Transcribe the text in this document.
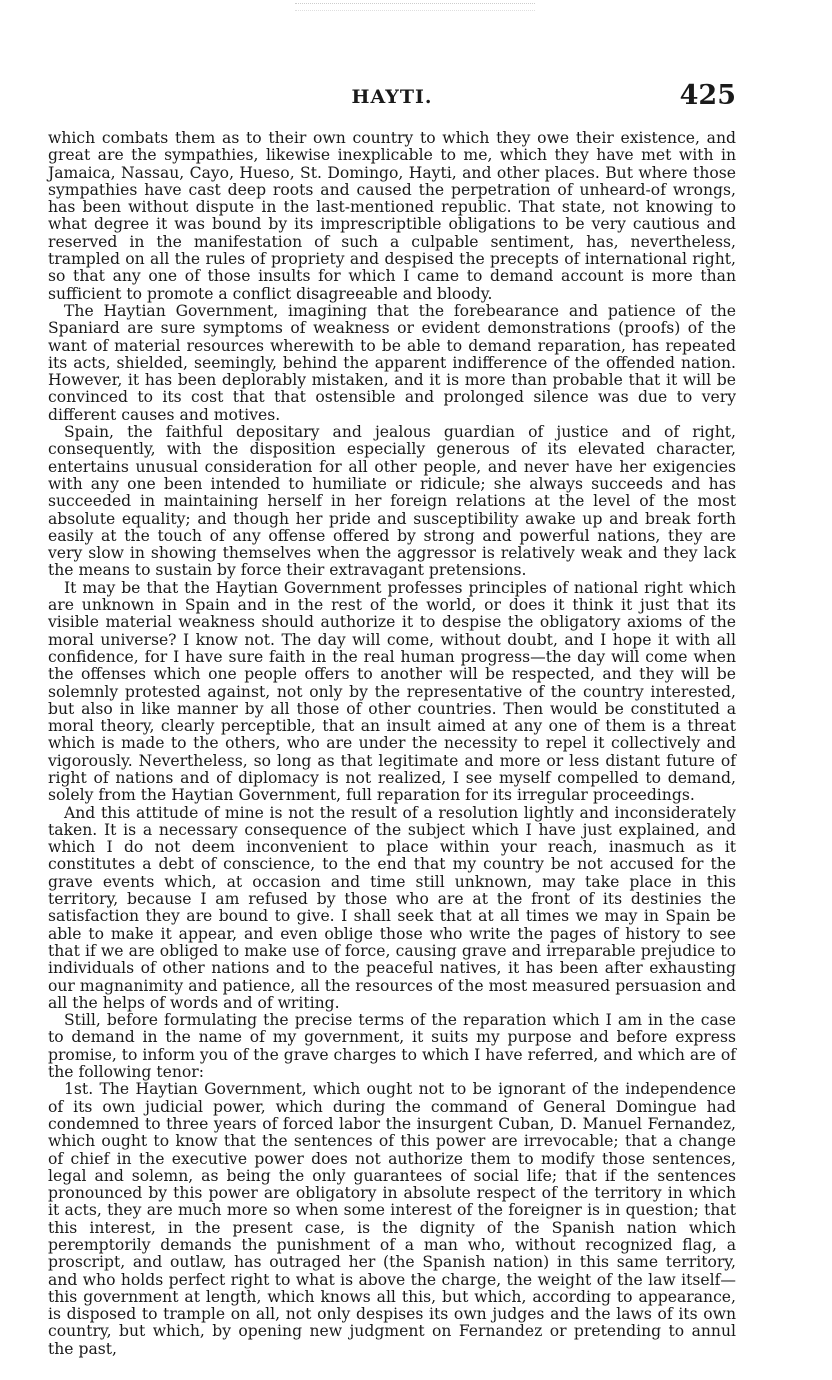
HAYTI.	425

which combats them as to their own country to which they owe their existence, and great are the sympathies, likewise inexplicable to me, which they have met with in Jamaica, Nassau, Cayo, Hueso, St. Domingo, Hayti, and other places. But where those sympathies have cast deep roots and caused the perpetration of unheard-of wrongs, has been without dispute in the last-mentioned republic. That state, not knowing to what degree it was bound by its imprescriptible obligations to be very cautious and reserved in the manifestation of such a culpable sentiment, has, nevertheless, trampled on all the rules of propriety and despised the precepts of international right, so that any one of those insults for which I came to demand account is more than sufficient to promote a conflict disagreeable and bloody.

The Haytian Government, imagining that the forebearance and patience of the Spaniard are sure symptoms of weakness or evident demonstrations (proofs) of the want of material resources wherewith to be able to demand reparation, has repeated its acts, shielded, seemingly, behind the apparent indifference of the offended nation. However, it has been deplorably mistaken, and it is more than probable that it will be convinced to its cost that that ostensible and prolonged silence was due to very different causes and motives.

Spain, the faithful depositary and jealous guardian of justice and of right, consequently, with the disposition especially generous of its elevated character, entertains unusual consideration for all other people, and never have her exigencies with any one been intended to humiliate or ridicule; she always succeeds and has succeeded in maintaining herself in her foreign relations at the level of the most absolute equality; and though her pride and susceptibility awake up and break forth easily at the touch of any offense offered by strong and powerful nations, they are very slow in showing themselves when the aggressor is relatively weak and they lack the means to sustain by force their extravagant pretensions.

It may be that the Haytian Government professes principles of national right which are unknown in Spain and in the rest of the world, or does it think it just that its visible material weakness should authorize it to despise the obligatory axioms of the moral universe? I know not. The day will come, without doubt, and I hope it with all confidence, for I have sure faith in the real human progress—the day will come when the offenses which one people offers to another will be respected, and they will be solemnly protested against, not only by the representative of the country interested, but also in like manner by all those of other countries. Then would be constituted a moral theory, clearly perceptible, that an insult aimed at any one of them is a threat which is made to the others, who are under the necessity to repel it collectively and vigorously. Nevertheless, so long as that legitimate and more or less distant future of right of nations and of diplomacy is not realized, I see myself compelled to demand, solely from the Haytian Government, full reparation for its irregular proceedings.

And this attitude of mine is not the result of a resolution lightly and inconsiderately taken. It is a necessary consequence of the subject which I have just explained, and which I do not deem inconvenient to place within your reach, inasmuch as it constitutes a debt of conscience, to the end that my country be not accused for the grave events which, at occasion and time still unknown, may take place in this territory, because I am refused by those who are at the front of its destinies the satisfaction they are bound to give. I shall seek that at all times we may in Spain be able to make it appear, and even oblige those who write the pages of history to see that if we are obliged to make use of force, causing grave and irreparable prejudice to individuals of other nations and to the peaceful natives, it has been after exhausting our magnanimity and patience, all the resources of the most measured persuasion and all the helps of words and of writing.

Still, before formulating the precise terms of the reparation which I am in the case to demand in the name of my government, it suits my purpose and before express promise, to inform you of the grave charges to which I have referred, and which are of the following tenor:

1st. The Haytian Government, which ought not to be ignorant of the independence of its own judicial power, which during the command of General Domingue had condemned to three years of forced labor the insurgent Cuban, D. Manuel Fernandez, which ought to know that the sentences of this power are irrevocable; that a change of chief in the executive power does not authorize them to modify those sentences, legal and solemn, as being the only guarantees of social life; that if the sentences pronounced by this power are obligatory in absolute respect of the territory in which it acts, they are much more so when some interest of the foreigner is in question; that this interest, in the present case, is the dignity of the Spanish nation which peremptorily demands the punishment of a man who, without recognized flag, a proscript, and outlaw, has outraged her (the Spanish nation) in this same territory, and who holds perfect right to what is above the charge, the weight of the law itself—this government at length, which knows all this, but which, according to appearance, is disposed to trample on all, not only despises its own judges and the laws of its own country, but which, by opening new judgment on Fernandez or pretending to annul the past,
